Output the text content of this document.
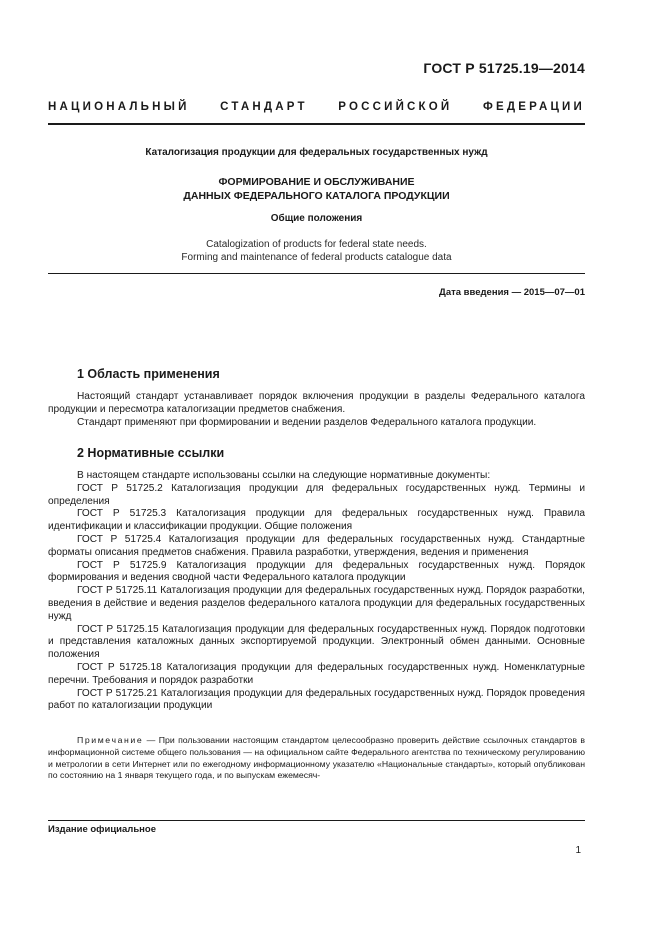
ГОСТ Р 51725.19—2014
НАЦИОНАЛЬНЫЙ СТАНДАРТ РОССИЙСКОЙ ФЕДЕРАЦИИ
Каталогизация продукции для федеральных государственных нужд
ФОРМИРОВАНИЕ И ОБСЛУЖИВАНИЕ
ДАННЫХ ФЕДЕРАЛЬНОГО КАТАЛОГА ПРОДУКЦИИ
Общие положения
Catalogization of products for federal state needs.
Forming and maintenance of federal products catalogue data
Дата введения — 2015—07—01
1 Область применения

Настоящий стандарт устанавливает порядок включения продукции в разделы Федерального каталога продукции и пересмотра каталогизации предметов снабжения.

Стандарт применяют при формировании и ведении разделов Федерального каталога продукции.

2 Нормативные ссылки

В настоящем стандарте использованы ссылки на следующие нормативные документы:

ГОСТ Р 51725.2 Каталогизация продукции для федеральных государственных нужд. Термины и определения

ГОСТ Р 51725.3 Каталогизация продукции для федеральных государственных нужд. Правила идентификации и классификации продукции. Общие положения

ГОСТ Р 51725.4 Каталогизация продукции для федеральных государственных нужд. Стандартные форматы описания предметов снабжения. Правила разработки, утверждения, ведения и применения

ГОСТ Р 51725.9 Каталогизация продукции для федеральных государственных нужд. Порядок формирования и ведения сводной части Федерального каталога продукции

ГОСТ Р 51725.11 Каталогизация продукции для федеральных государственных нужд. Порядок разработки, введения в действие и ведения разделов федерального каталога продукции для федеральных государственных нужд

ГОСТ Р 51725.15 Каталогизация продукции для федеральных государственных нужд. Порядок подготовки и представления каталожных данных экспортируемой продукции. Электронный обмен данными. Основные положения

ГОСТ Р 51725.18 Каталогизация продукции для федеральных государственных нужд. Номенклатурные перечни. Требования и порядок разработки

ГОСТ Р 51725.21 Каталогизация продукции для федеральных государственных нужд. Порядок проведения работ по каталогизации продукции

Примечание — При пользовании настоящим стандартом целесообразно проверить действие ссылочных стандартов в информационной системе общего пользования — на официальном сайте Федерального агентства по техническому регулированию и метрологии в сети Интернет или по ежегодному информационному указателю «Национальные стандарты», который опубликован по состоянию на 1 января текущего года, и по выпускам ежемесяч-

Издание официальное
1
